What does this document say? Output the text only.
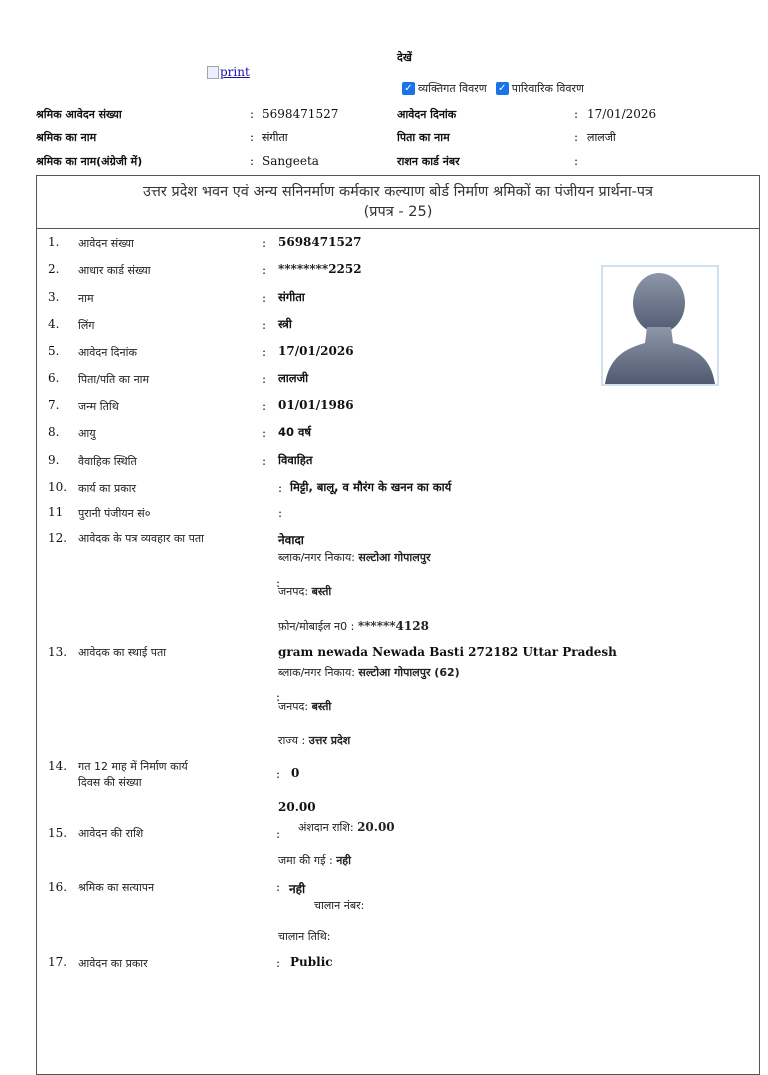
print
देखें
✓ व्यक्तिगत विवरण
✓ पारिवारिक विवरण
श्रमिक आवेदन संख्या	: 5698471527	आवेदन दिनांक	: 17/01/2026
श्रमिक का नाम	: संगीता	पिता का नाम	: लालजी
श्रमिक का नाम(अंग्रेजी में)	: Sangeeta	राशन कार्ड नंबर	:
उत्तर प्रदेश भवन एवं अन्य सनिनर्माण कर्मकार कल्याण बोर्ड निर्माण श्रमिकों का पंजीयन प्रार्थना-पत्र
(प्रपत्र - 25)
1. आवेदन संख्या	: 5698471527
2. आधार कार्ड संख्या	: ********2252
3. नाम	: संगीता
4. लिंग	: स्त्री
5. आवेदन दिनांक	: 17/01/2026
6. पिता/पति का नाम	: लालजी
7. जन्म तिथि	: 01/01/1986
8. आयु	: 40 वर्ष
9. वैवाहिक स्थिति	: विवाहित
10. कार्य का प्रकार	: मिट्टी, बालू, व मौरंग के खनन का कार्य
11 पुरानी पंजीयन सं०	:
12. आवेदक के पत्र व्यवहार का पता
:
नेवादा
ब्लाक/नगर निकाय: सल्टोआ गोपालपुर
जनपद: बस्ती
फ़ोन/मोबाईल न0 : ******4128
13. आवेदक का स्थाई पता
:
gram newada Newada Basti 272182 Uttar Pradesh
ब्लाक/नगर निकाय: सल्टोआ गोपालपुर (62)
जनपद: बस्ती
राज्य : उत्तर प्रदेश
14. गत 12 माह में निर्माण कार्य
दिवस की संख्या
: 0
15. आवेदन की राशि	:
20.00
अंशदान राशि: 20.00
जमा की गई : नही
16. श्रमिक का सत्यापन	: नही
चालान नंबर:
चालान तिथि:
17. आवेदन का प्रकार	: Public
